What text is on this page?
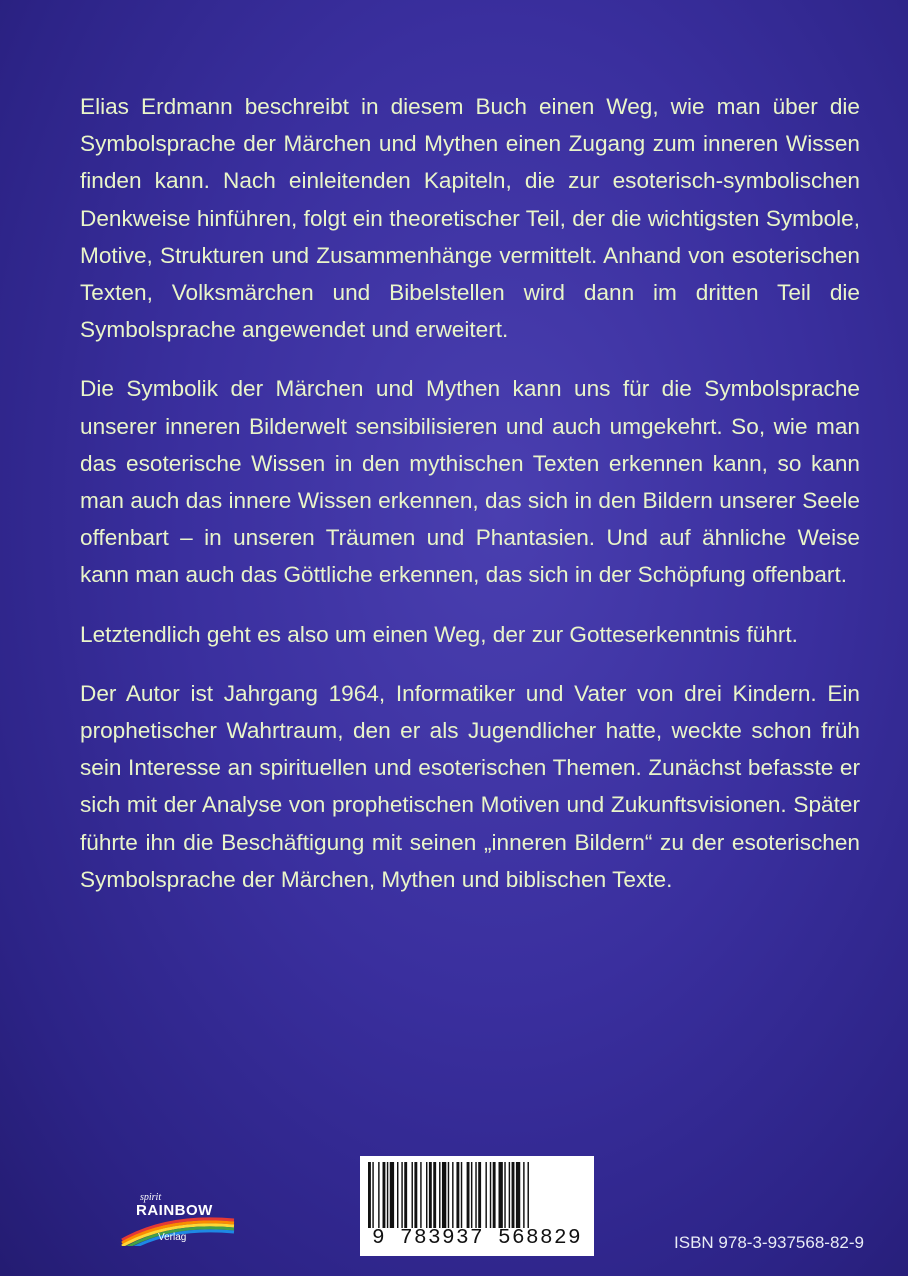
Elias Erdmann beschreibt in diesem Buch einen Weg, wie man über die Symbolsprache der Märchen und Mythen einen Zugang zum inneren Wissen finden kann. Nach einleitenden Kapiteln, die zur esoterisch-symbolischen Denkweise hinführen, folgt ein theoretischer Teil, der die wichtigsten Symbole, Motive, Strukturen und Zusammenhänge vermittelt. Anhand von esoterischen Texten, Volksmärchen und Bibelstellen wird dann im dritten Teil die Symbolsprache angewendet und erweitert.

Die Symbolik der Märchen und Mythen kann uns für die Symbolsprache unserer inneren Bilderwelt sensibilisieren und auch umgekehrt. So, wie man das esoterische Wissen in den mythischen Texten erkennen kann, so kann man auch das innere Wissen erkennen, das sich in den Bildern unserer Seele offenbart – in unseren Träumen und Phantasien. Und auf ähnliche Weise kann man auch das Göttliche erkennen, das sich in der Schöpfung offenbart.

Letztendlich geht es also um einen Weg, der zur Gotteserkenntnis führt.

Der Autor ist Jahrgang 1964, Informatiker und Vater von drei Kindern. Ein prophetischer Wahrtraum, den er als Jugendlicher hatte, weckte schon früh sein Interesse an spirituellen und esoterischen Themen. Zunächst befasste er sich mit der Analyse von prophetischen Motiven und Zukunftsvisionen. Später führte ihn die Beschäftigung mit seinen „inneren Bildern“ zu der esoterischen Symbolsprache der Märchen, Mythen und biblischen Texte.

spirit
RAINBOW
Verlag	9 783937 568829	ISBN 978-3-937568-82-9
